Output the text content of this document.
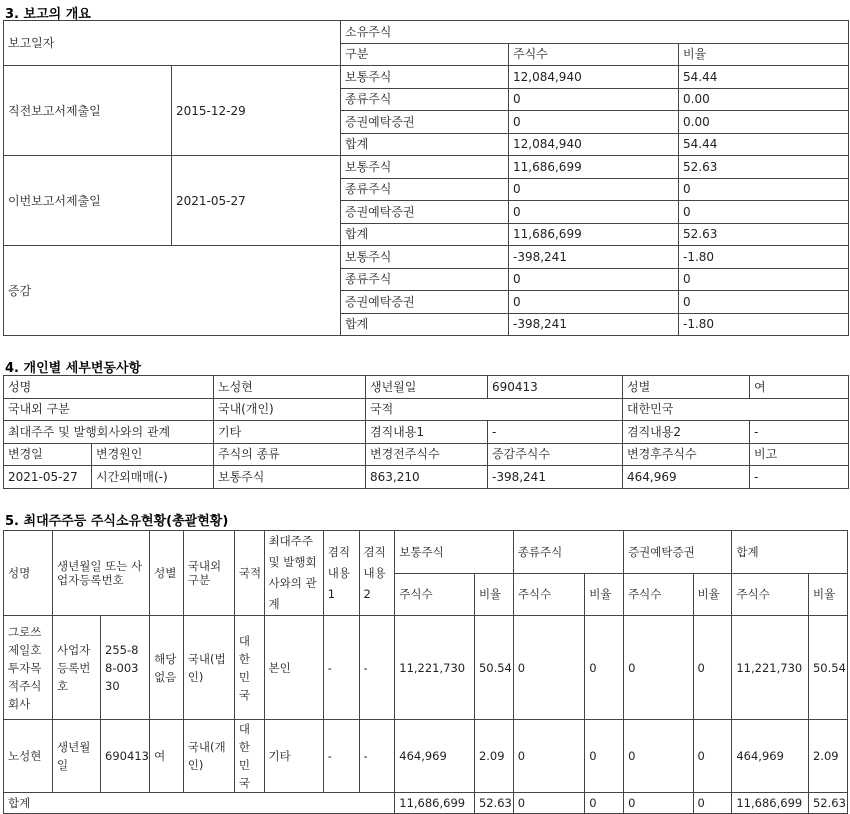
3. 보고의 개요
보고일자		소유주식		
		구분	주식수	비율
직전보고서제출일	2015-12-29	보통주식	12,084,940	54.44
		종류주식	0	0.00
		증권예탁증권	0	0.00
		합계	12,084,940	54.44
이번보고서제출일	2021-05-27	보통주식	11,686,699	52.63
		종류주식	0	0
		증권예탁증권	0	0
		합계	11,686,699	52.63
증감		보통주식	-398,241	-1.80
		종류주식	0	0
		증권예탁증권	0	0
		합계	-398,241	-1.80
4. 개인별 세부변동사항
성명		노성현	생년월일	690413	성별	여
국내외 구분		국내(개인)	국적		대한민국	
최대주주 및 발행회사와의 관계		기타	겸직내용1	-	겸직내용2	-
변경일	변경원인	주식의 종류	변경전주식수	증감주식수	변경후주식수	비고
2021-05-27	시간외매매(-)	보통주식	863,210	-398,241	464,969	-
5. 최대주주등 주식소유현황(총괄현황)
성명	생년월일 또는 사업자등록번호		성별	국내외 구분	국적	최대주주 및 발행회사와의 관계	겸직내용1	겸직내용2	보통주식		종류주식		증권예탁증권		합계	
									주식수	비율	주식수	비율	주식수	비율	주식수	비율
그로쓰제일호투자목적주식회사	사업자등록번호	255-88-00330	해당없음	국내(법인)	대한민국	본인	-	-	11,221,730	50.54	0	0	0	0	11,221,730	50.54
노성현	생년월일	690413	여	국내(개인)	대한민국	기타	-	-	464,969	2.09	0	0	0	0	464,969	2.09
합계									11,686,699	52.63	0	0	0	0	11,686,699	52.63
